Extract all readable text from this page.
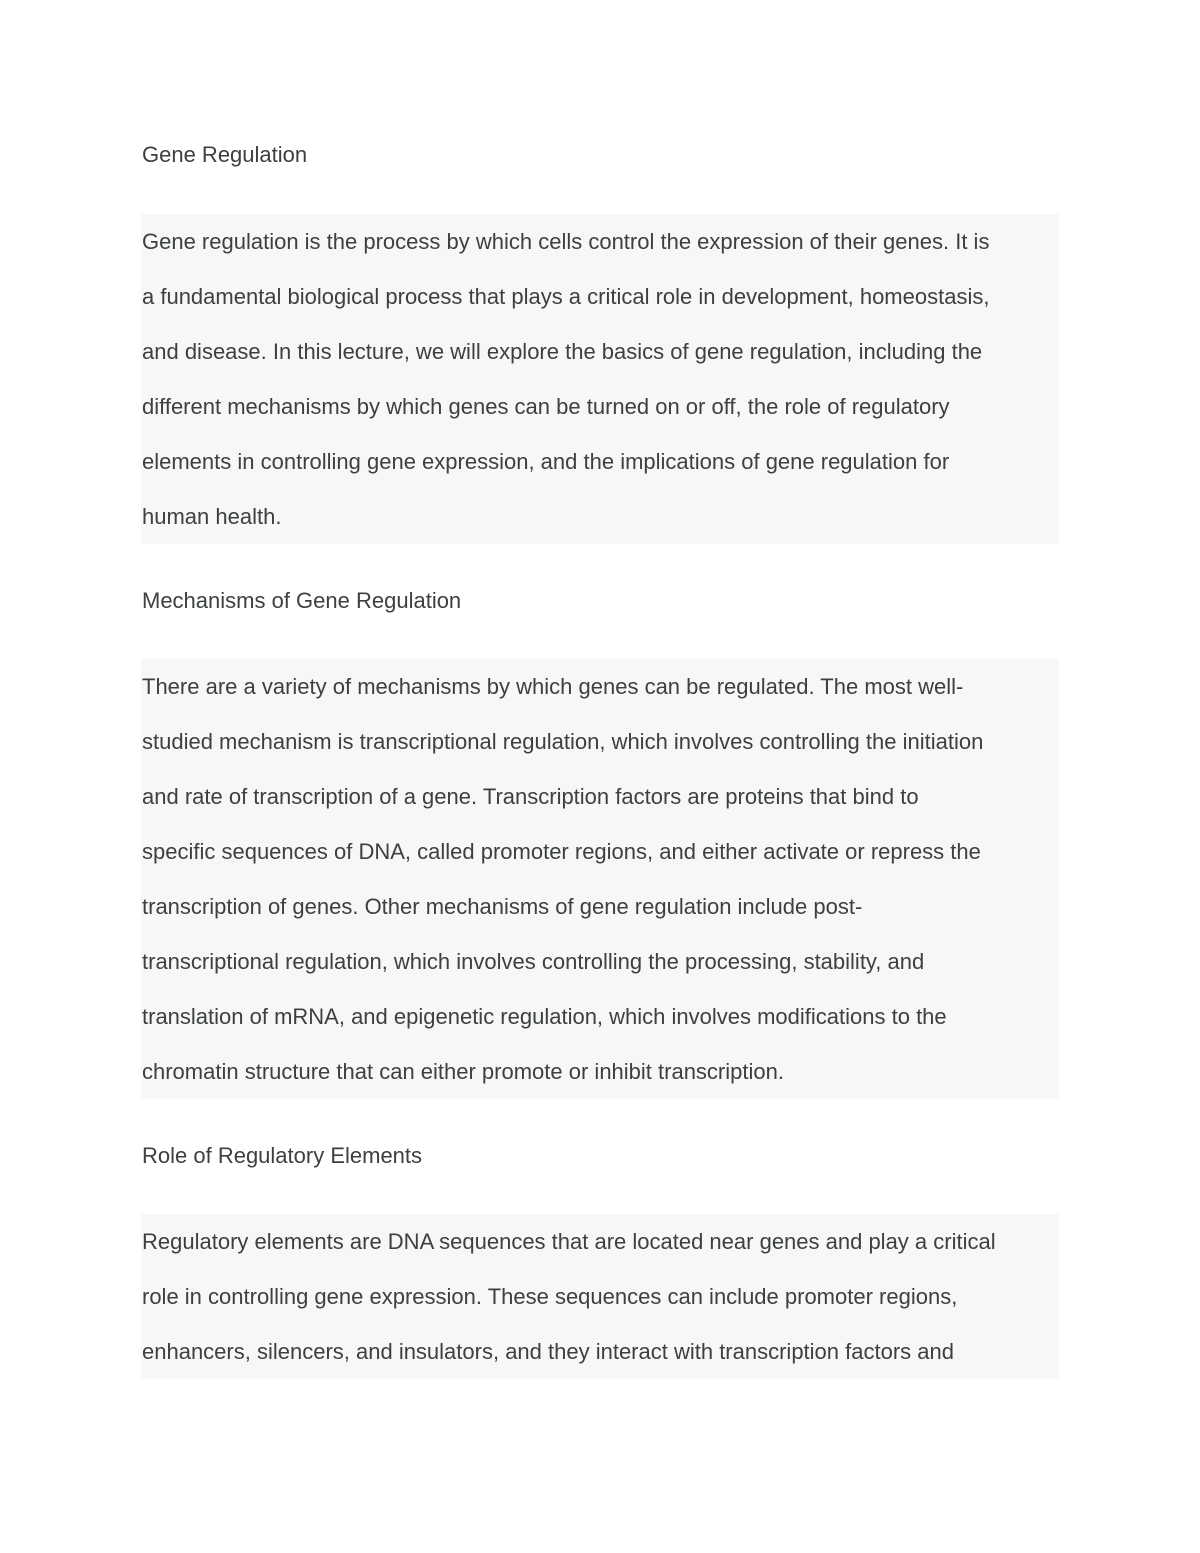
Gene Regulation
Gene regulation is the process by which cells control the expression of their genes. It is
a fundamental biological process that plays a critical role in development, homeostasis,
and disease. In this lecture, we will explore the basics of gene regulation, including the
different mechanisms by which genes can be turned on or off, the role of regulatory
elements in controlling gene expression, and the implications of gene regulation for
human health.
Mechanisms of Gene Regulation
There are a variety of mechanisms by which genes can be regulated. The most well-
studied mechanism is transcriptional regulation, which involves controlling the initiation
and rate of transcription of a gene. Transcription factors are proteins that bind to
specific sequences of DNA, called promoter regions, and either activate or repress the
transcription of genes. Other mechanisms of gene regulation include post-
transcriptional regulation, which involves controlling the processing, stability, and
translation of mRNA, and epigenetic regulation, which involves modifications to the
chromatin structure that can either promote or inhibit transcription.
Role of Regulatory Elements
Regulatory elements are DNA sequences that are located near genes and play a critical
role in controlling gene expression. These sequences can include promoter regions,
enhancers, silencers, and insulators, and they interact with transcription factors and
